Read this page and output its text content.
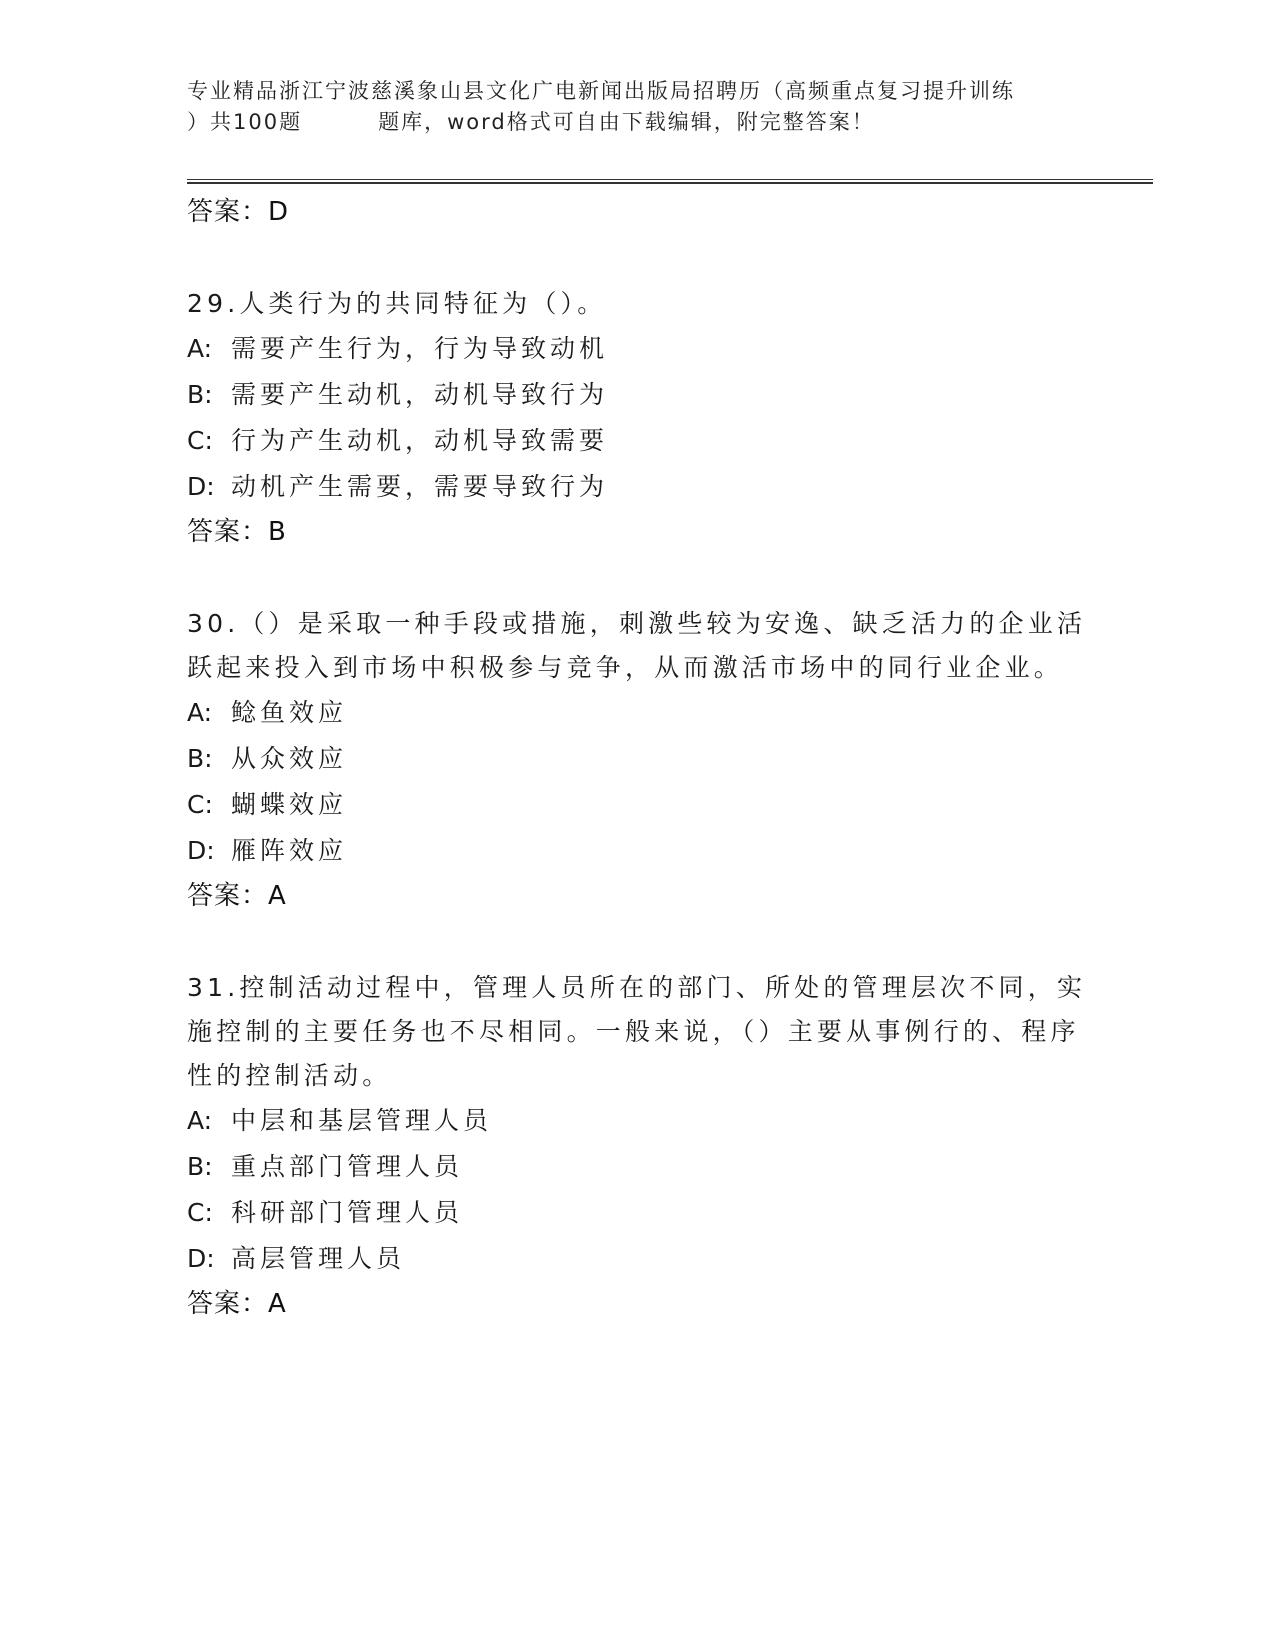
专业精品浙江宁波慈溪象山县文化广电新闻出版局招聘历（高频重点复习提升训练
）共100题	题库，word格式可自由下载编辑，附完整答案！
答案：D
29.人类行为的共同特征为（）。
A: 需要产生行为，行为导致动机
B: 需要产生动机，动机导致行为
C: 行为产生动机，动机导致需要
D: 动机产生需要，需要导致行为
答案：B
30.（）是采取一种手段或措施，刺激些较为安逸、缺乏活力的企业活跃起来投入到市场中积极参与竞争，从而激活市场中的同行业企业。
A: 鲶鱼效应
B: 从众效应
C: 蝴蝶效应
D: 雁阵效应
答案：A
31.控制活动过程中，管理人员所在的部门、所处的管理层次不同，实施控制的主要任务也不尽相同。一般来说，（）主要从事例行的、程序性的控制活动。
A: 中层和基层管理人员
B: 重点部门管理人员
C: 科研部门管理人员
D: 高层管理人员
答案：A
